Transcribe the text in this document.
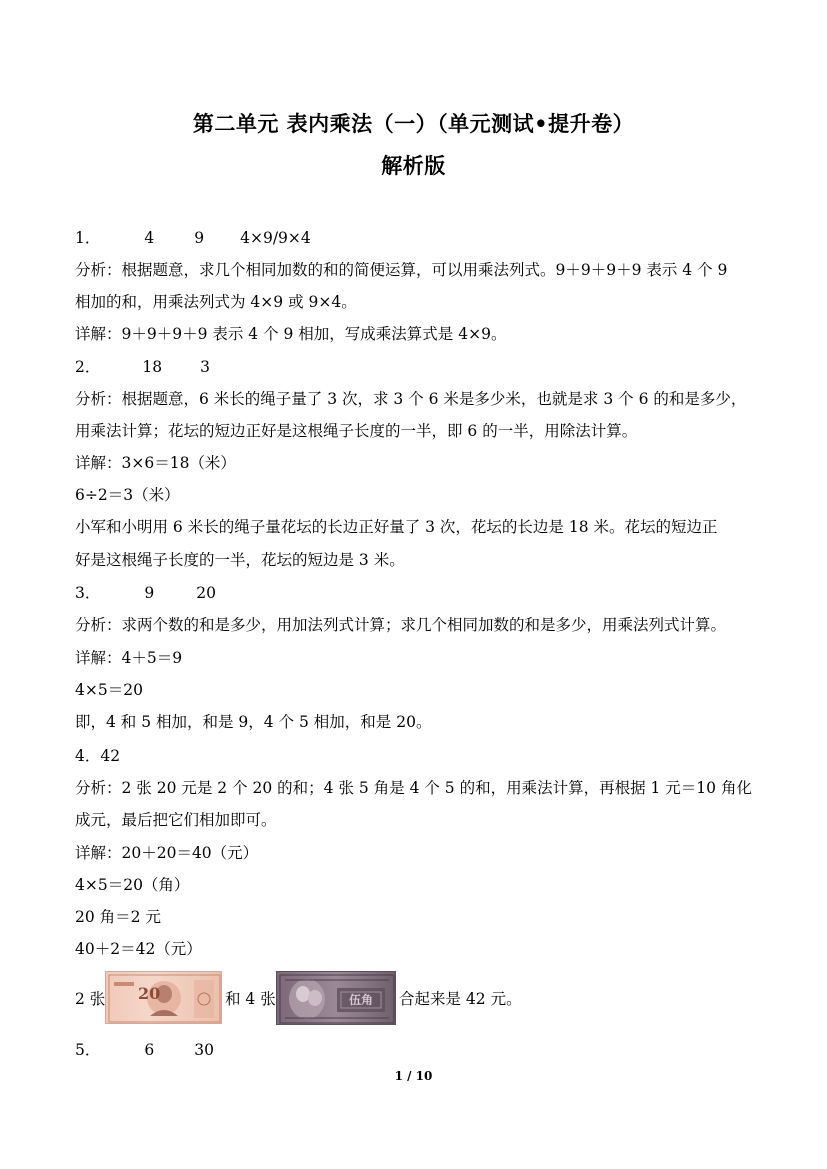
第二单元 表内乘法（一）（单元测试•提升卷）
解析版
1．	4	9 4×9/9×4
分析：根据题意，求几个相同加数的和的简便运算，可以用乘法列式。9＋9＋9＋9 表示 4 个 9
相加的和，用乘法列式为 4×9 或 9×4。
详解：9＋9＋9＋9 表示 4 个 9 相加，写成乘法算式是 4×9。
2．	18 3
分析：根据题意，6 米长的绳子量了 3 次，求 3 个 6 米是多少米，也就是求 3 个 6 的和是多少，
用乘法计算；花坛的短边正好是这根绳子长度的一半，即 6 的一半，用除法计算。
详解：3×6＝18（米）
6÷2＝3（米）
小军和小明用 6 米长的绳子量花坛的长边正好量了 3 次，花坛的长边是 18 米。花坛的短边正
好是这根绳子长度的一半，花坛的短边是 3 米。
3．	9	20
分析：求两个数的和是多少，用加法列式计算；求几个相同加数的和是多少，用乘法列式计算。
详解：4＋5＝9
4×5＝20
即，4 和 5 相加，和是 9，4 个 5 相加，和是 20。
4．42
分析：2 张 20 元是 2 个 20 的和；4 张 5 角是 4 个 5 的和，用乘法计算，再根据 1 元＝10 角化
成元，最后把它们相加即可。
详解：20＋20＝40（元）
4×5＝20（角）
20 角＝2 元
40＋2＝42（元）
2 张	20	和 4 张	伍角 合起来是 42 元。
5．	6	30
1 / 10
